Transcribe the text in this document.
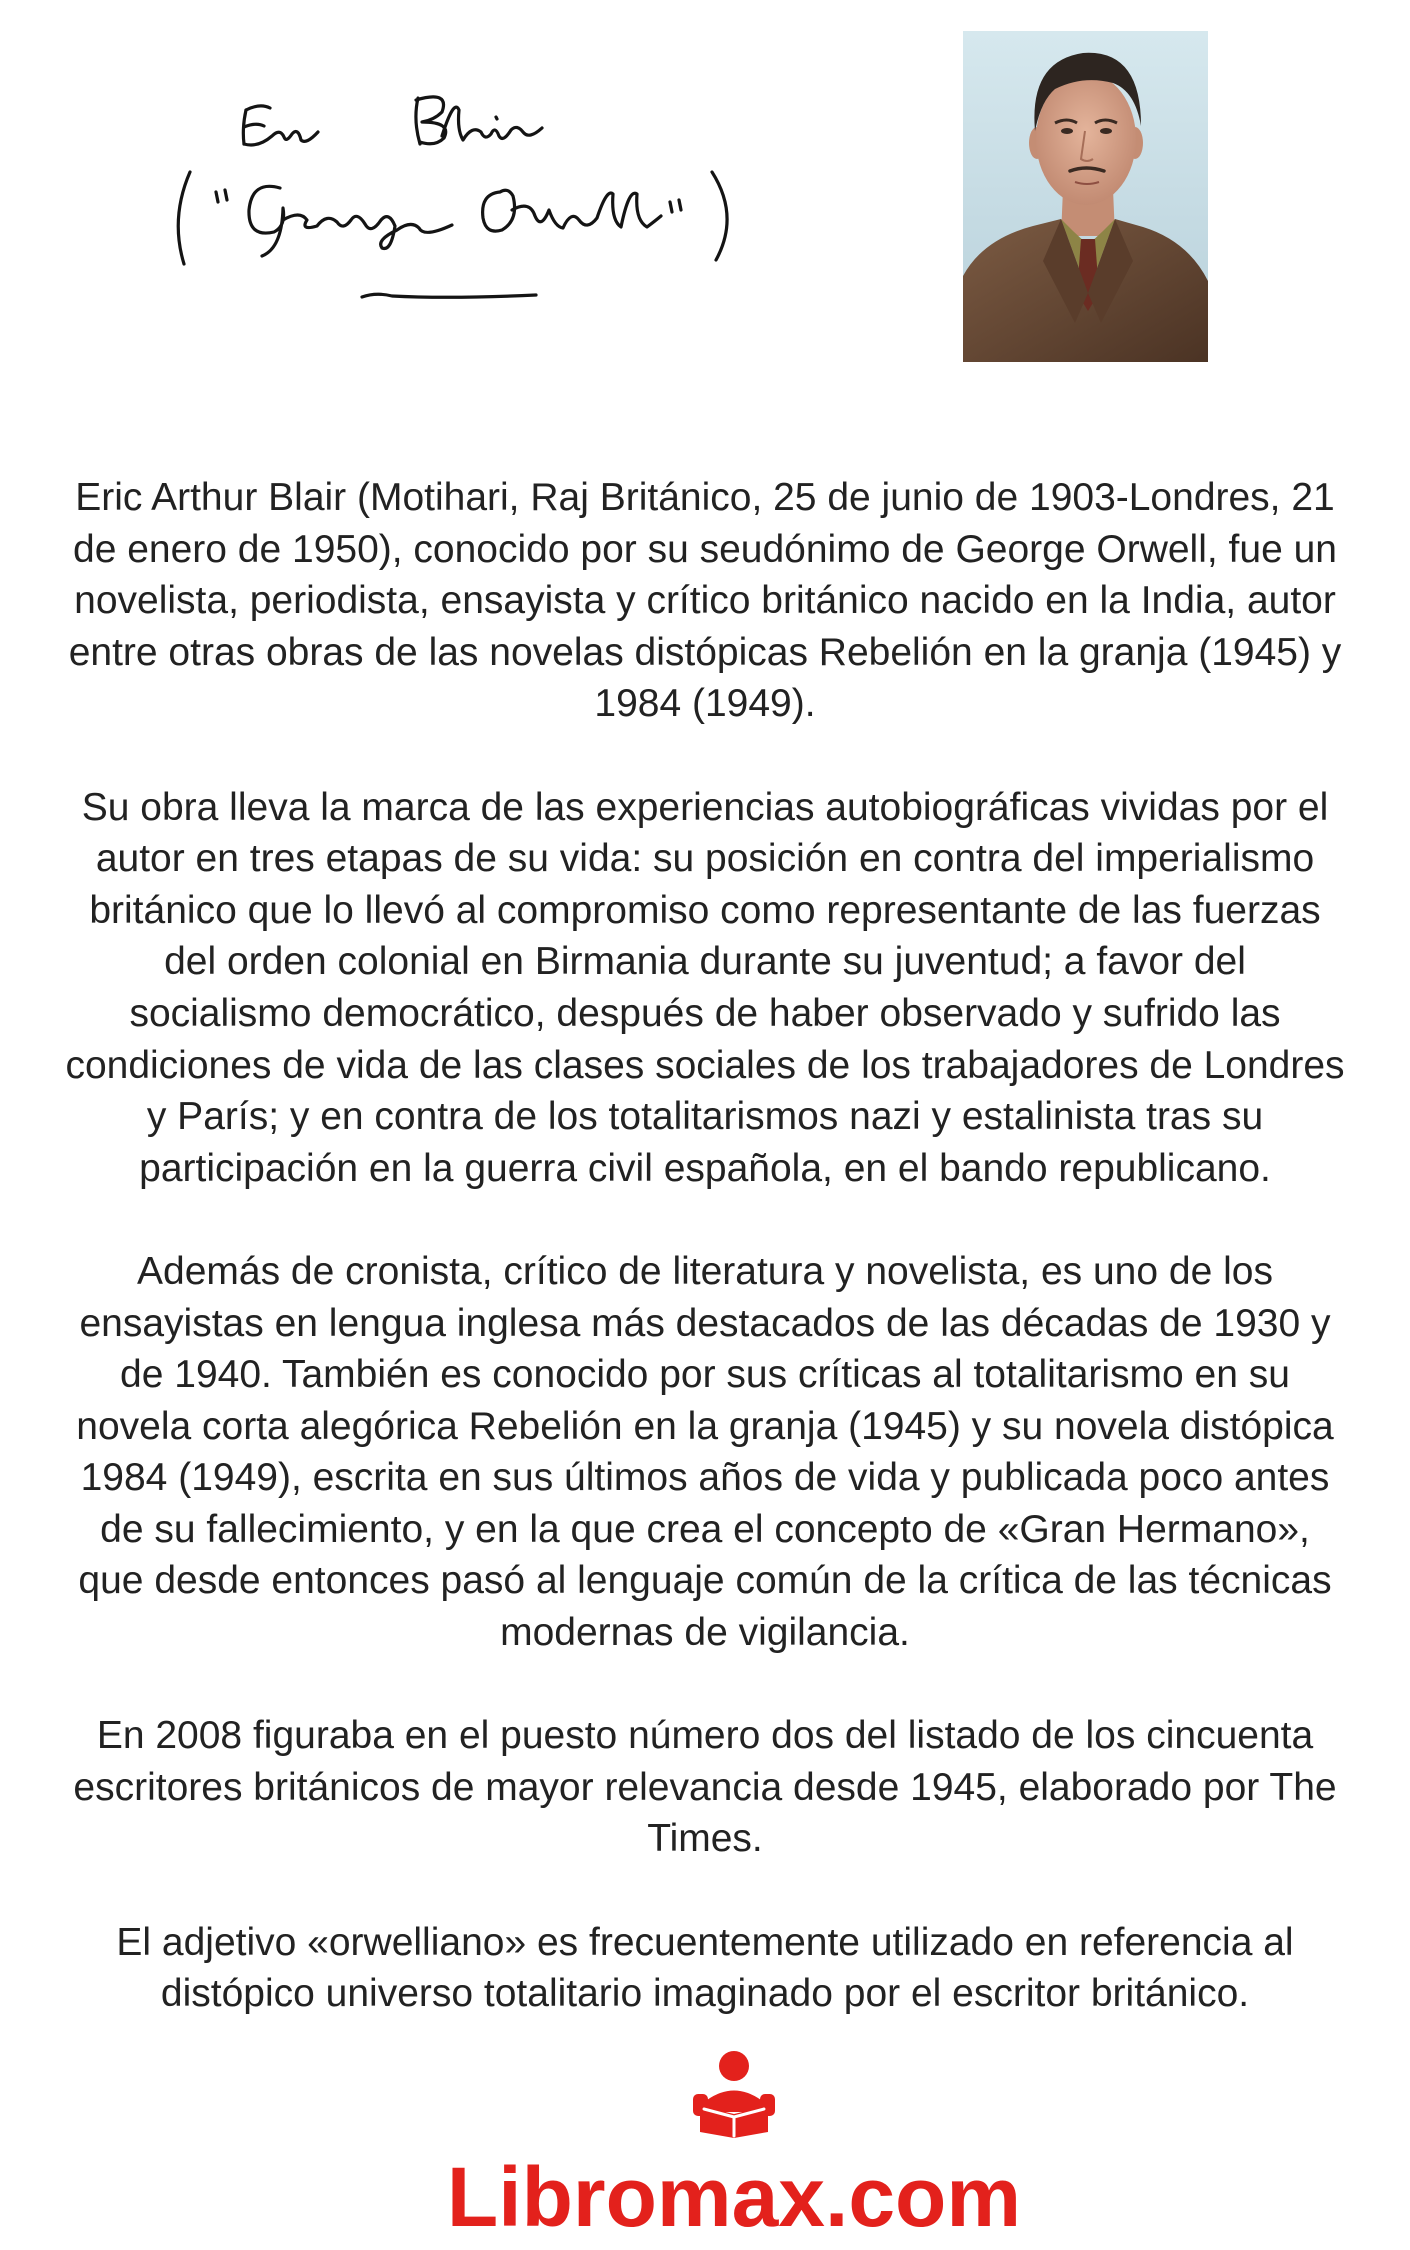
Eric Arthur Blair (Motihari, Raj Británico, 25 de junio de 1903-Londres, 21
de enero de 1950), conocido por su seudónimo de George Orwell, fue un
novelista, periodista, ensayista y crítico británico nacido en la India, autor
entre otras obras de las novelas distópicas Rebelión en la granja (1945) y
1984 (1949).

Su obra lleva la marca de las experiencias autobiográficas vividas por el
autor en tres etapas de su vida: su posición en contra del imperialismo
británico que lo llevó al compromiso como representante de las fuerzas
del orden colonial en Birmania durante su juventud; a favor del
socialismo democrático, después de haber observado y sufrido las
condiciones de vida de las clases sociales de los trabajadores de Londres
y París; y en contra de los totalitarismos nazi y estalinista tras su
participación en la guerra civil española, en el bando republicano.

Además de cronista, crítico de literatura y novelista, es uno de los
ensayistas en lengua inglesa más destacados de las décadas de 1930 y
de 1940. También es conocido por sus críticas al totalitarismo en su
novela corta alegórica Rebelión en la granja (1945) y su novela distópica
1984 (1949), escrita en sus últimos años de vida y publicada poco antes
de su fallecimiento, y en la que crea el concepto de «Gran Hermano»,
que desde entonces pasó al lenguaje común de la crítica de las técnicas
modernas de vigilancia.

En 2008 figuraba en el puesto número dos del listado de los cincuenta
escritores británicos de mayor relevancia desde 1945, elaborado por The
Times.

El adjetivo «orwelliano» es frecuentemente utilizado en referencia al
distópico universo totalitario imaginado por el escritor británico.

Libromax.com
